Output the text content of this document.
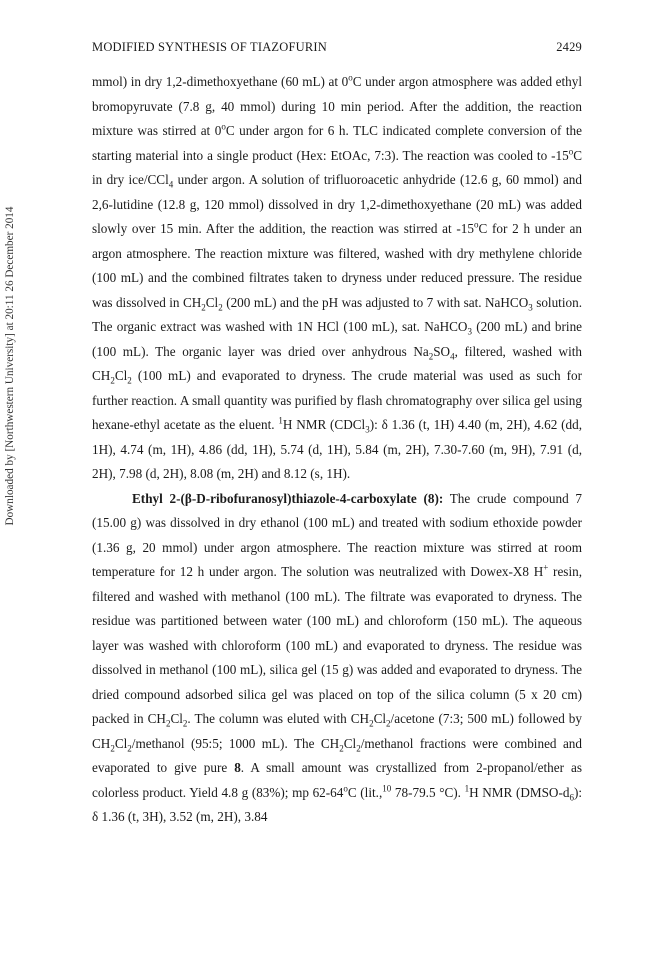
MODIFIED SYNTHESIS OF TIAZOFURIN	2429
Downloaded by [Northwestern University] at 20:11 26 December 2014

mmol) in dry 1,2-dimethoxyethane (60 mL) at 0$^o$C under argon atmosphere was added ethyl bromopyruvate (7.8 g, 40 mmol) during 10 min period. After the addition, the reaction mixture was stirred at 0$^o$C under argon for 6 h. TLC indicated complete conversion of the starting material into a single product (Hex: EtOAc, 7:3). The reaction was cooled to -15$^o$C in dry ice/CCl$_4$ under argon. A solution of trifluoroacetic anhydride (12.6 g, 60 mmol) and 2,6-lutidine (12.8 g, 120 mmol) dissolved in dry 1,2-dimethoxyethane (20 mL) was added slowly over 15 min. After the addition, the reaction was stirred at -15$^o$C for 2 h under an argon atmosphere. The reaction mixture was filtered, washed with dry methylene chloride (100 mL) and the combined filtrates taken to dryness under reduced pressure. The residue was dissolved in $CH_2Cl_2$ (200 mL) and the pH was adjusted to 7 with sat. NaHCO$_3$ solution. The organic extract was washed with 1N HCl (100 mL), sat. NaHCO$_3$ (200 mL) and brine (100 mL). The organic layer was dried over anhydrous $Na_2SO_4$, filtered, washed with $CH_2Cl_2$ (100 mL) and evaporated to dryness. The crude material was used as such for further reaction. A small quantity was purified by flash chromatography over silica gel using hexane-ethyl acetate as the eluent. $^1$H NMR (CDCl$_3$): δ 1.36 (t, 1H) 4.40 (m, 2H), 4.62 (dd, 1H), 4.74 (m, 1H), 4.86 (dd, 1H), 5.74 (d, 1H), 5.84 (m, 2H), 7.30-7.60 (m, 9H), 7.91 (d, 2H), 7.98 (d, 2H), 8.08 (m, 2H) and 8.12 (s, 1H).

Ethyl 2-(β-D-ribofuranosyl)thiazole-4-carboxylate (8): The crude compound 7 (15.00 g) was dissolved in dry ethanol (100 mL) and treated with sodium ethoxide powder (1.36 g, 20 mmol) under argon atmosphere. The reaction mixture was stirred at room temperature for 12 h under argon. The solution was neutralized with Dowex-X8 H+ resin, filtered and washed with methanol (100 mL). The filtrate was evaporated to dryness. The residue was partitioned between water (100 mL) and chloroform (150 mL). The aqueous layer was washed with chloroform (100 mL) and evaporated to dryness. The residue was dissolved in methanol (100 mL), silica gel (15 g) was added and evaporated to dryness. The dried compound adsorbed silica gel was placed on top of the silica column (5 x 20 cm) packed in $CH_2Cl_2$. The column was eluted with $CH_2Cl_2$/acetone (7:3; 500 mL) followed by $CH_2Cl_2$/methanol (95:5; 1000 mL). The $CH_2Cl_2$/methanol fractions were combined and evaporated to give pure 8. A small amount was crystallized from 2-propanol/ether as colorless product. Yield 4.8 g (83%); mp 62-64$^o$C (lit.,$^{10}$ 78-79.5 °C). $^1$H NMR $(DMSO-d_6)$: δ 1.36 (t, 3H), 3.52 (m, 2H), 3.84
